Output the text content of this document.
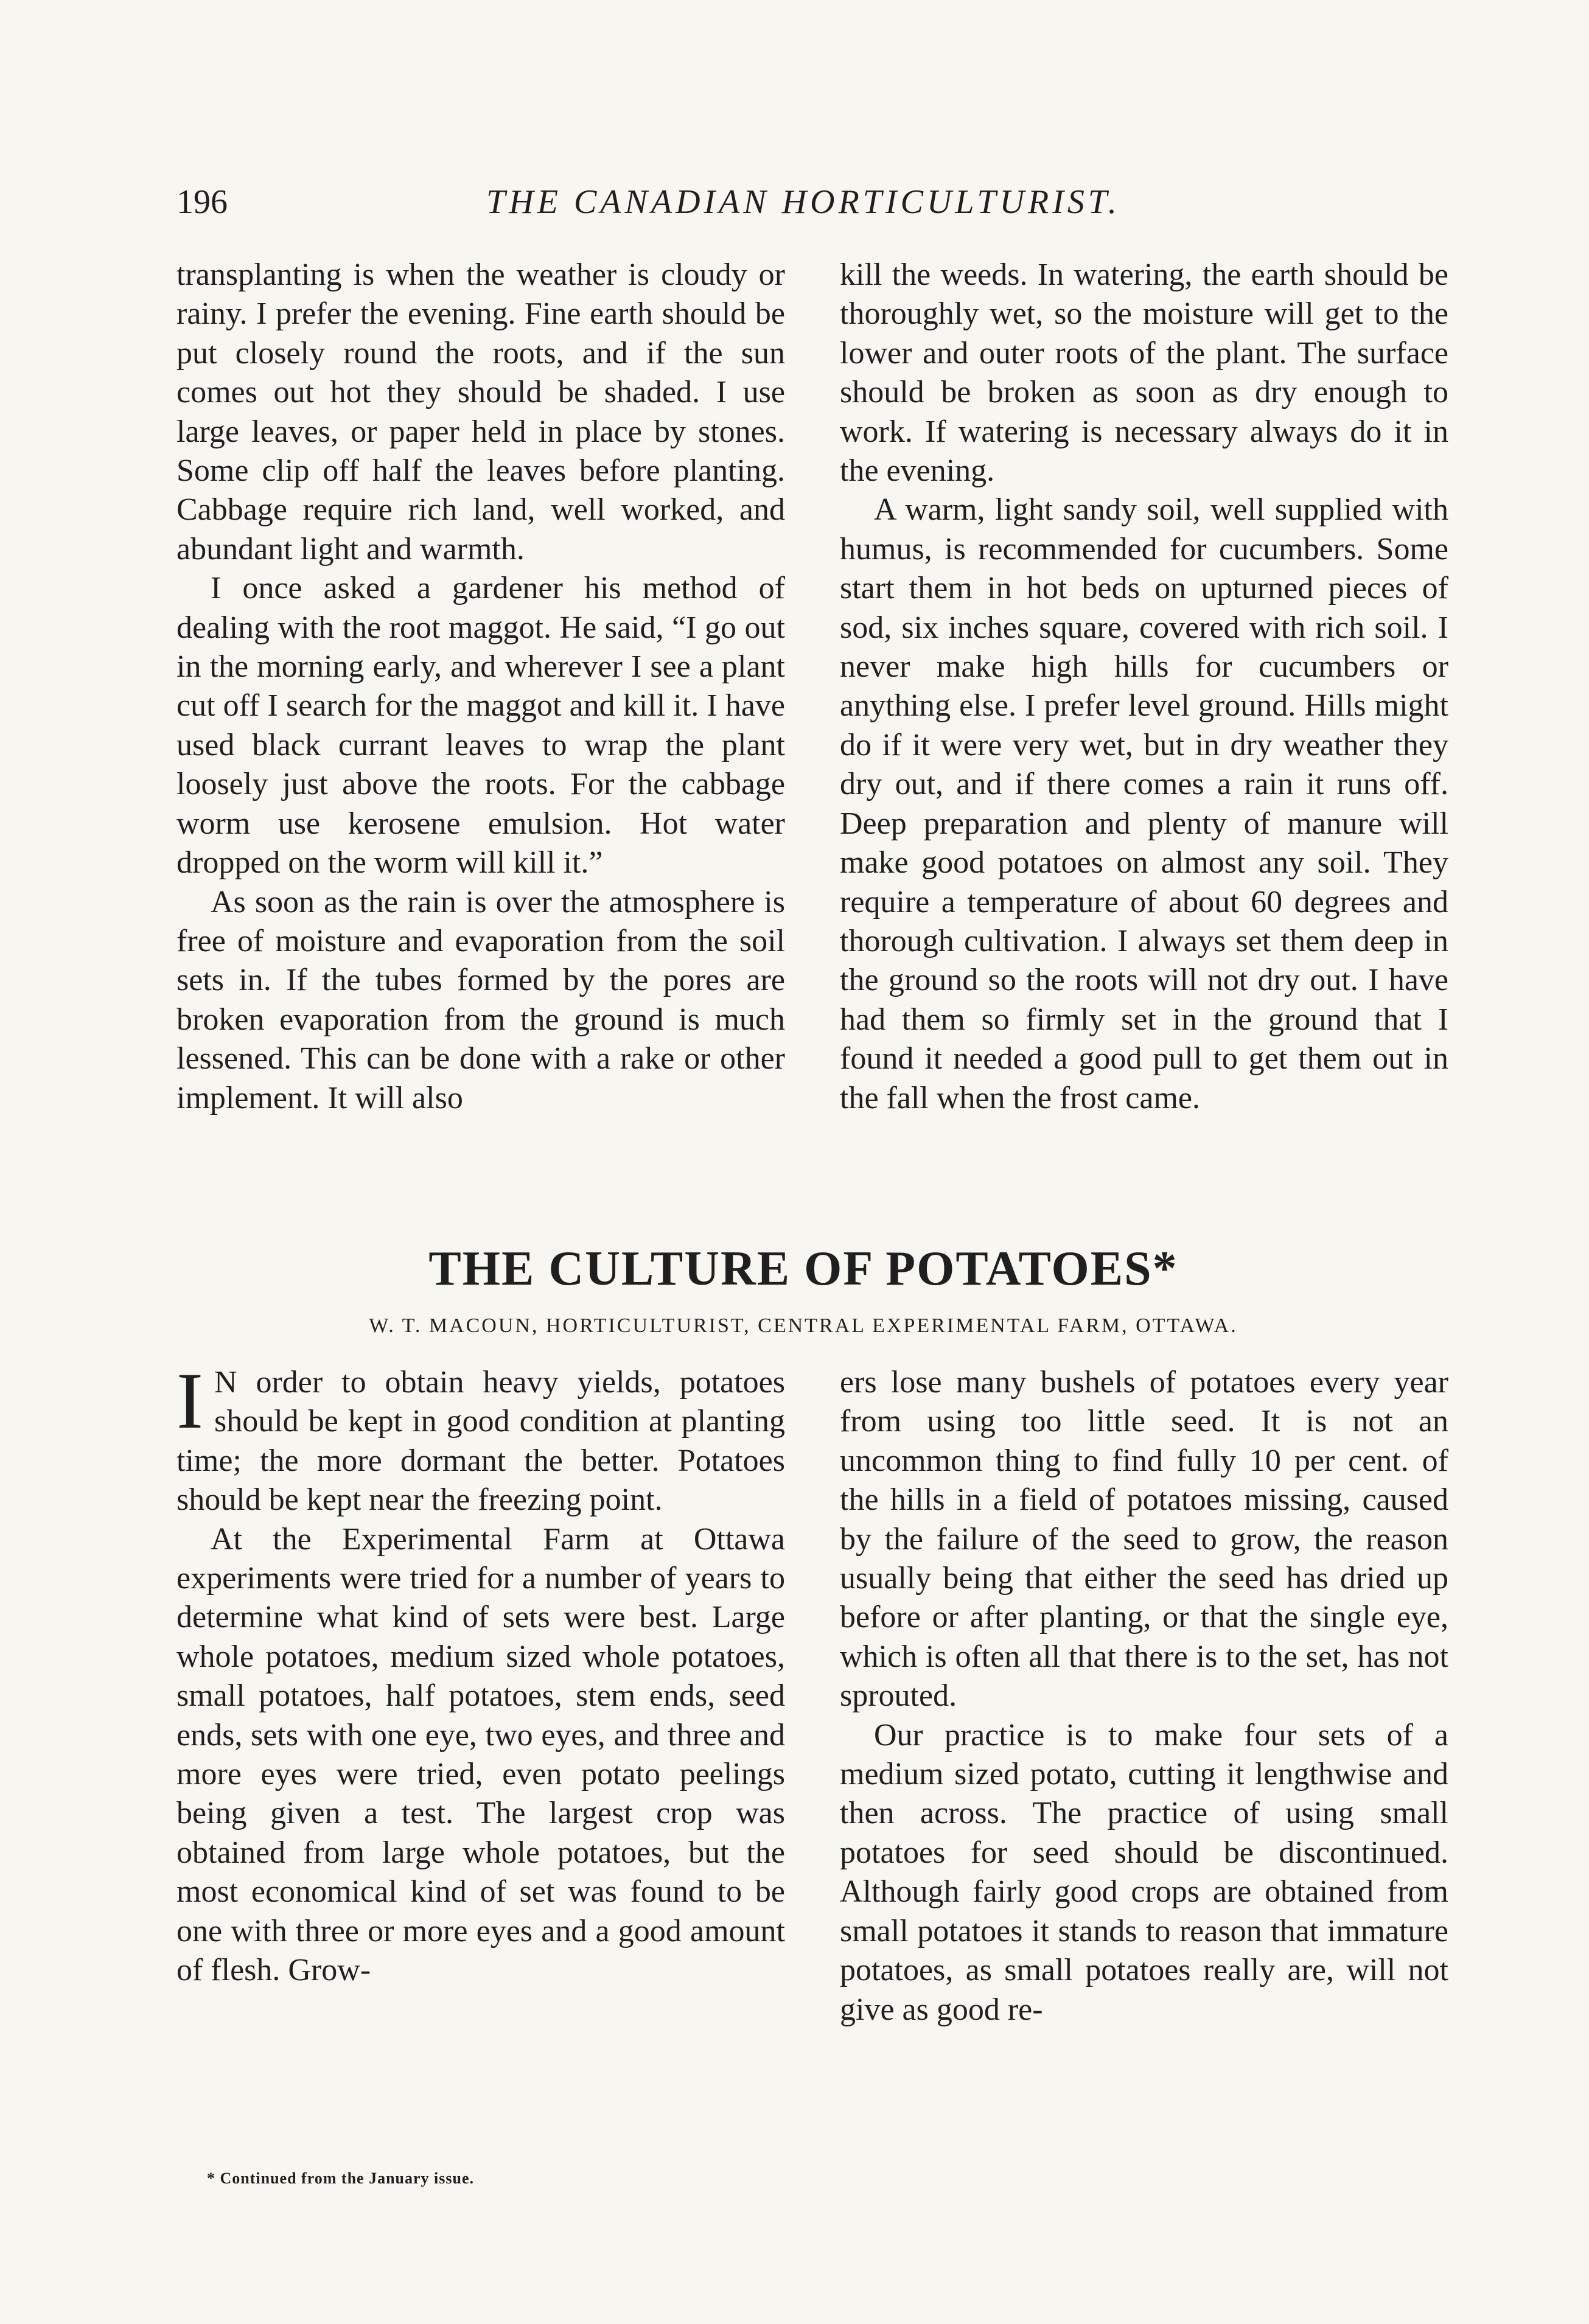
196	THE CANADIAN HORTICULTURIST.

transplanting is when the weather is cloudy or rainy. I prefer the evening. Fine earth should be put closely round the roots, and if the sun comes out hot they should be shaded. I use large leaves, or paper held in place by stones. Some clip off half the leaves before planting. Cabbage require rich land, well worked, and abundant light and warmth.

I once asked a gardener his method of dealing with the root maggot. He said, “I go out in the morning early, and wherever I see a plant cut off I search for the maggot and kill it. I have used black currant leaves to wrap the plant loosely just above the roots. For the cabbage worm use kerosene emulsion. Hot water dropped on the worm will kill it.”

As soon as the rain is over the atmosphere is free of moisture and evaporation from the soil sets in. If the tubes formed by the pores are broken evaporation from the ground is much lessened. This can be done with a rake or other implement. It will also

kill the weeds. In watering, the earth should be thoroughly wet, so the moisture will get to the lower and outer roots of the plant. The surface should be broken as soon as dry enough to work. If watering is necessary always do it in the evening.

A warm, light sandy soil, well supplied with humus, is recommended for cucumbers. Some start them in hot beds on upturned pieces of sod, six inches square, covered with rich soil. I never make high hills for cucumbers or anything else. I prefer level ground. Hills might do if it were very wet, but in dry weather they dry out, and if there comes a rain it runs off. Deep preparation and plenty of manure will make good potatoes on almost any soil. They require a temperature of about 60 degrees and thorough cultivation. I always set them deep in the ground so the roots will not dry out. I have had them so firmly set in the ground that I found it needed a good pull to get them out in the fall when the frost came.

THE CULTURE OF POTATOES*
W. T. MACOUN, HORTICULTURIST, CENTRAL EXPERIMENTAL FARM, OTTAWA.

I N order to obtain heavy yields, potatoes should be kept in good condition at planting time; the more dormant the better. Potatoes should be kept near the freezing point.

At the Experimental Farm at Ottawa experiments were tried for a number of years to determine what kind of sets were best. Large whole potatoes, medium sized whole potatoes, small potatoes, half potatoes, stem ends, seed ends, sets with one eye, two eyes, and three and more eyes were tried, even potato peelings being given a test. The largest crop was obtained from large whole potatoes, but the most economical kind of set was found to be one with three or more eyes and a good amount of flesh. Grow-

ers lose many bushels of potatoes every year from using too little seed. It is not an uncommon thing to find fully 10 per cent. of the hills in a field of potatoes missing, caused by the failure of the seed to grow, the reason usually being that either the seed has dried up before or after planting, or that the single eye, which is often all that there is to the set, has not sprouted.

Our practice is to make four sets of a medium sized potato, cutting it lengthwise and then across. The practice of using small potatoes for seed should be discontinued. Although fairly good crops are obtained from small potatoes it stands to reason that immature potatoes, as small potatoes really are, will not give as good re-

* Continued from the January issue.
